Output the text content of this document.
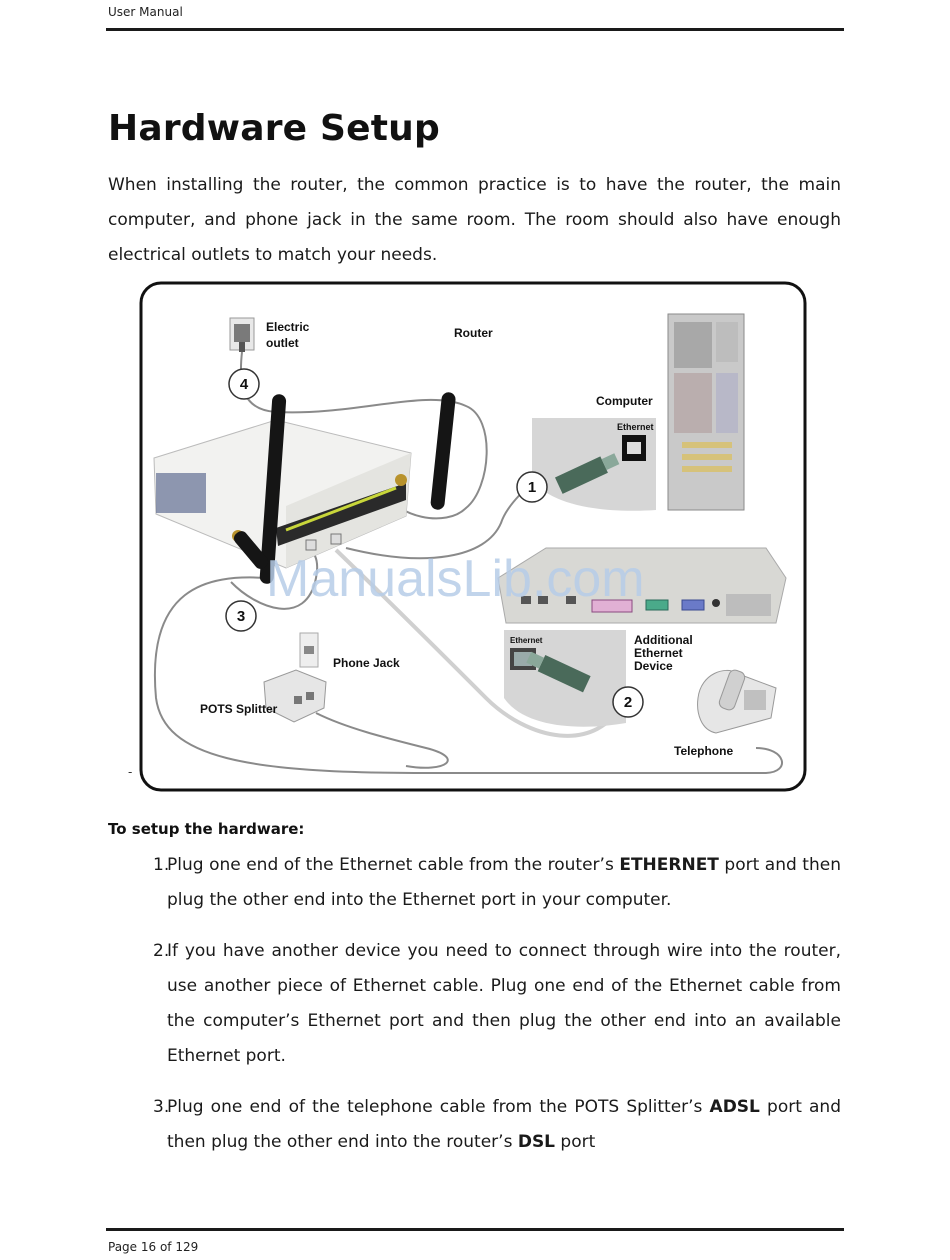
User Manual
Hardware Setup

When installing the router, the common practice is to have the router, the main computer, and phone jack in the same room. The room should also have enough electrical outlets to match your needs.

-
Electric
outlet
Router
Computer
Ethernet
Ethernet	Additional
Ethernet
Device
Phone Jack
POTS Splitter
Telephone
1
2
3
4
ManualsLib.com
To setup the hardware:
1.
Plug one end of the Ethernet cable from the router’s ETHERNET port and then plug the other end into the Ethernet port in your computer.
2.
If you have another device you need to connect through wire into the router, use another piece of Ethernet cable. Plug one end of the Ethernet cable from the computer’s Ethernet port and then plug the other end into an available Ethernet port.
3.
Plug one end of the telephone cable from the POTS Splitter’s ADSL port and then plug the other end into the router’s DSL port
Page 16 of 129
